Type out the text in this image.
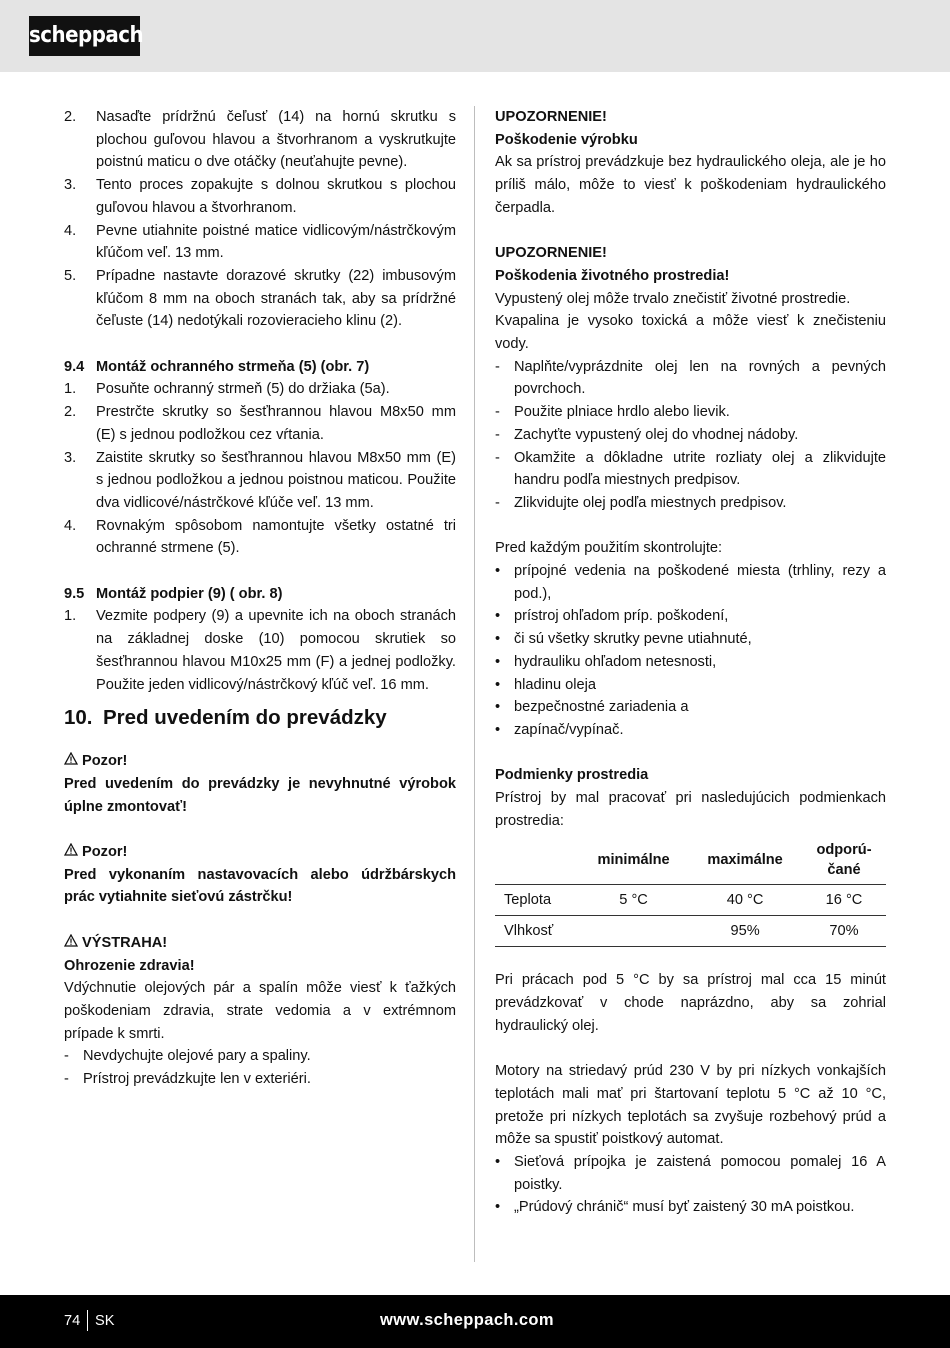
scheppach
2.	Nasaďte prídržnú čeľusť (14) na hornú skrutku s plochou guľovou hlavou a štvorhranom a vyskrutkujte poistnú maticu o dve otáčky (neuťahujte pevne).
3.	Tento proces zopakujte s dolnou skrutkou s plochou guľovou hlavou a štvorhranom.
4.	Pevne utiahnite poistné matice vidlicovým/nástrčkovým kľúčom veľ. 13 mm.
5.	Prípadne nastavte dorazové skrutky (22) imbusovým kľúčom 8 mm na oboch stranách tak, aby sa prídržné čeľuste (14) nedotýkali rozovieracieho klinu (2).
9.4 Montáž ochranného strmeňa (5) (obr. 7)
1.	Posuňte ochranný strmeň (5) do držiaka (5a).
2.	Prestrčte skrutky so šesťhrannou hlavou M8x50 mm (E) s jednou podložkou cez vŕtania.
3.	Zaistite skrutky so šesťhrannou hlavou M8x50 mm (E) s jednou podložkou a jednou poistnou maticou. Použite dva vidlicové/nástrčkové kľúče veľ. 13 mm.
4.	Rovnakým spôsobom namontujte všetky ostatné tri ochranné strmene (5).
9.5 Montáž podpier (9) ( obr. 8)
1.	Vezmite podpery (9) a upevnite ich na oboch stranách na základnej doske (10) pomocou skrutiek so šesťhrannou hlavou M10x25 mm (F) a jednej podložky. Použite jeden vidlicový/nástrčkový kľúč veľ. 16 mm.
10. Pred uvedením do prevádzky

Pozor!

Pred uvedením do prevádzky je nevyhnutné výrobok úplne zmontovať!

Pozor!

Pred vykonaním nastavovacích alebo údržbárskych prác vytiahnite sieťovú zástrčku!

VÝSTRAHA!

Ohrozenie zdravia!

Vdýchnutie olejových pár a spalín môže viesť k ťažkých poškodeniam zdravia, strate vedomia a v extrémnom prípade k smrti.

- Nevdychujte olejové pary a spaliny.
- Prístroj prevádzkujte len v exteriéri.

UPOZORNENIE!

Poškodenie výrobku

Ak sa prístroj prevádzkuje bez hydraulického oleja, ale je ho príliš málo, môže to viesť k poškodeniam hydraulického čerpadla.

UPOZORNENIE!

Poškodenia životného prostredia!

Vypustený olej môže trvalo znečistiť životné prostredie.

Kvapalina je vysoko toxická a môže viesť k znečisteniu vody.

- Naplňte/vyprázdnite olej len na rovných a pevných povrchoch.
- Použite plniace hrdlo alebo lievik.
- Zachyťte vypustený olej do vhodnej nádoby.
- Okamžite a dôkladne utrite rozliaty olej a zlikvidujte handru podľa miestnych predpisov.
- Zlikvidujte olej podľa miestnych predpisov.

Pred každým použitím skontrolujte:

• prípojné vedenia na poškodené miesta (trhliny, rezy a pod.),
• prístroj ohľadom príp. poškodení,
• či sú všetky skrutky pevne utiahnuté,
• hydrauliku ohľadom netesnosti,
• hladinu oleja
• bezpečnostné zariadenia a
• zapínač/vypínač.

Podmienky prostredia

Prístroj by mal pracovať pri nasledujúcich podmienkach prostredia:

	minimálne	maximálne	odporú-čané
Teplota	5 °C	40 °C	16 °C
Vlhkosť		95%	70%

Pri prácach pod 5 °C by sa prístroj mal cca 15 minút prevádzkovať v chode naprázdno, aby sa zohrial hydraulický olej.

Motory na striedavý prúd 230 V by pri nízkych vonkajších teplotách mali mať pri štartovaní teplotu 5 °C až 10 °C, pretože pri nízkych teplotách sa zvyšuje rozbehový prúd a môže sa spustiť poistkový automat.

• Sieťová prípojka je zaistená pomocou pomalej 16 A poistky.
• „Prúdový chránič“ musí byť zaistený 30 mA poistkou.
74 SK	www.scheppach.com
